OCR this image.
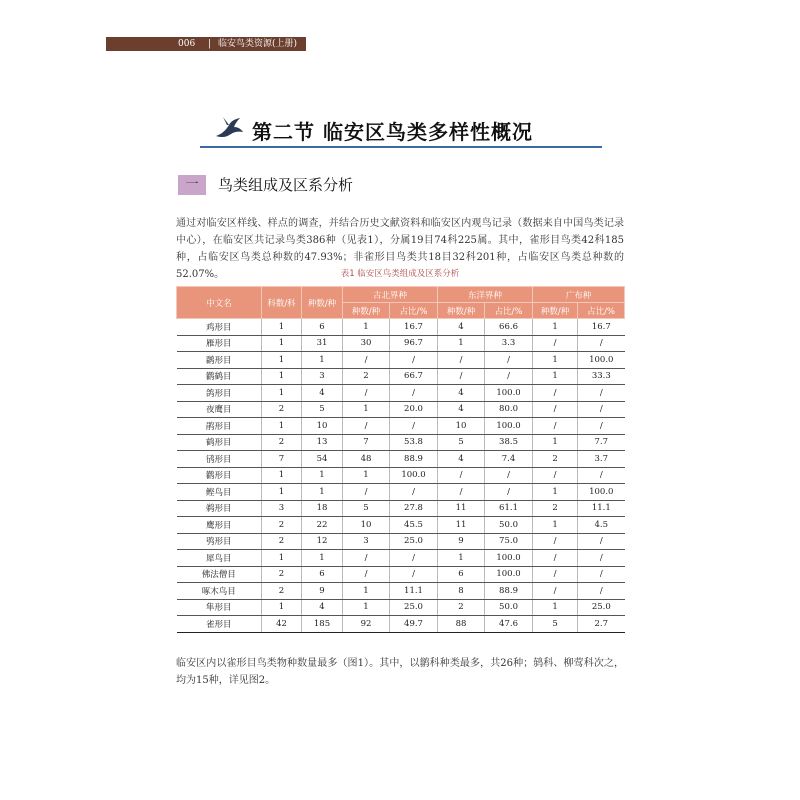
006 | 临安鸟类资源(上册)
第二节 临安区鸟类多样性概况
一	鸟类组成及区系分析

通过对临安区样线、样点的调查，并结合历史文献资料和临安区内观鸟记录（数据来自中国鸟类记录中心），在临安区共记录鸟类386种（见表1），分属19目74科225属。其中，雀形目鸟类42科185种，占临安区鸟类总种数的47.93%；非雀形目鸟类共18目32科201种，占临安区鸟类总种数的52.07%。	表1 临安区鸟类组成及区系分析
中文名	科数/科	种数/种	古北界种		东洋界种		广布种	
			种数/种	占比/%	种数/种	占比/%	种数/种	占比/%
鸡形目	1	6	1	16.7	4	66.6	1	16.7
雁形目	1	31	30	96.7	1	3.3	/	/
䴙形目	1	1	/	/	/	/	1	100.0
鹳鹤目	1	3	2	66.7	/	/	1	33.3
鸽形目	1	4	/	/	4	100.0	/	/
夜鹰目	2	5	1	20.0	4	80.0	/	/
鹃形目	1	10	/	/	10	100.0	/	/
鹤形目	2	13	7	53.8	5	38.5	1	7.7
鸻形目	7	54	48	88.9	4	7.4	2	3.7
鹳形目	1	1	1	100.0	/	/	/	/
鲣鸟目	1	1	/	/	/	/	1	100.0
鹈形目	3	18	5	27.8	11	61.1	2	11.1
鹰形目	2	22	10	45.5	11	50.0	1	4.5
鸮形目	2	12	3	25.0	9	75.0	/	/
犀鸟目	1	1	/	/	1	100.0	/	/
佛法僧目	2	6	/	/	6	100.0	/	/
啄木鸟目	2	9	1	11.1	8	88.9	/	/
隼形目	1	4	1	25.0	2	50.0	1	25.0
雀形目	42	185	92	49.7	88	47.6	5	2.7

临安区内以雀形目鸟类物种数量最多（图1）。其中，以鹟科种类最多，共26种；鸫科、柳莺科次之，均为15种，详见图2。
